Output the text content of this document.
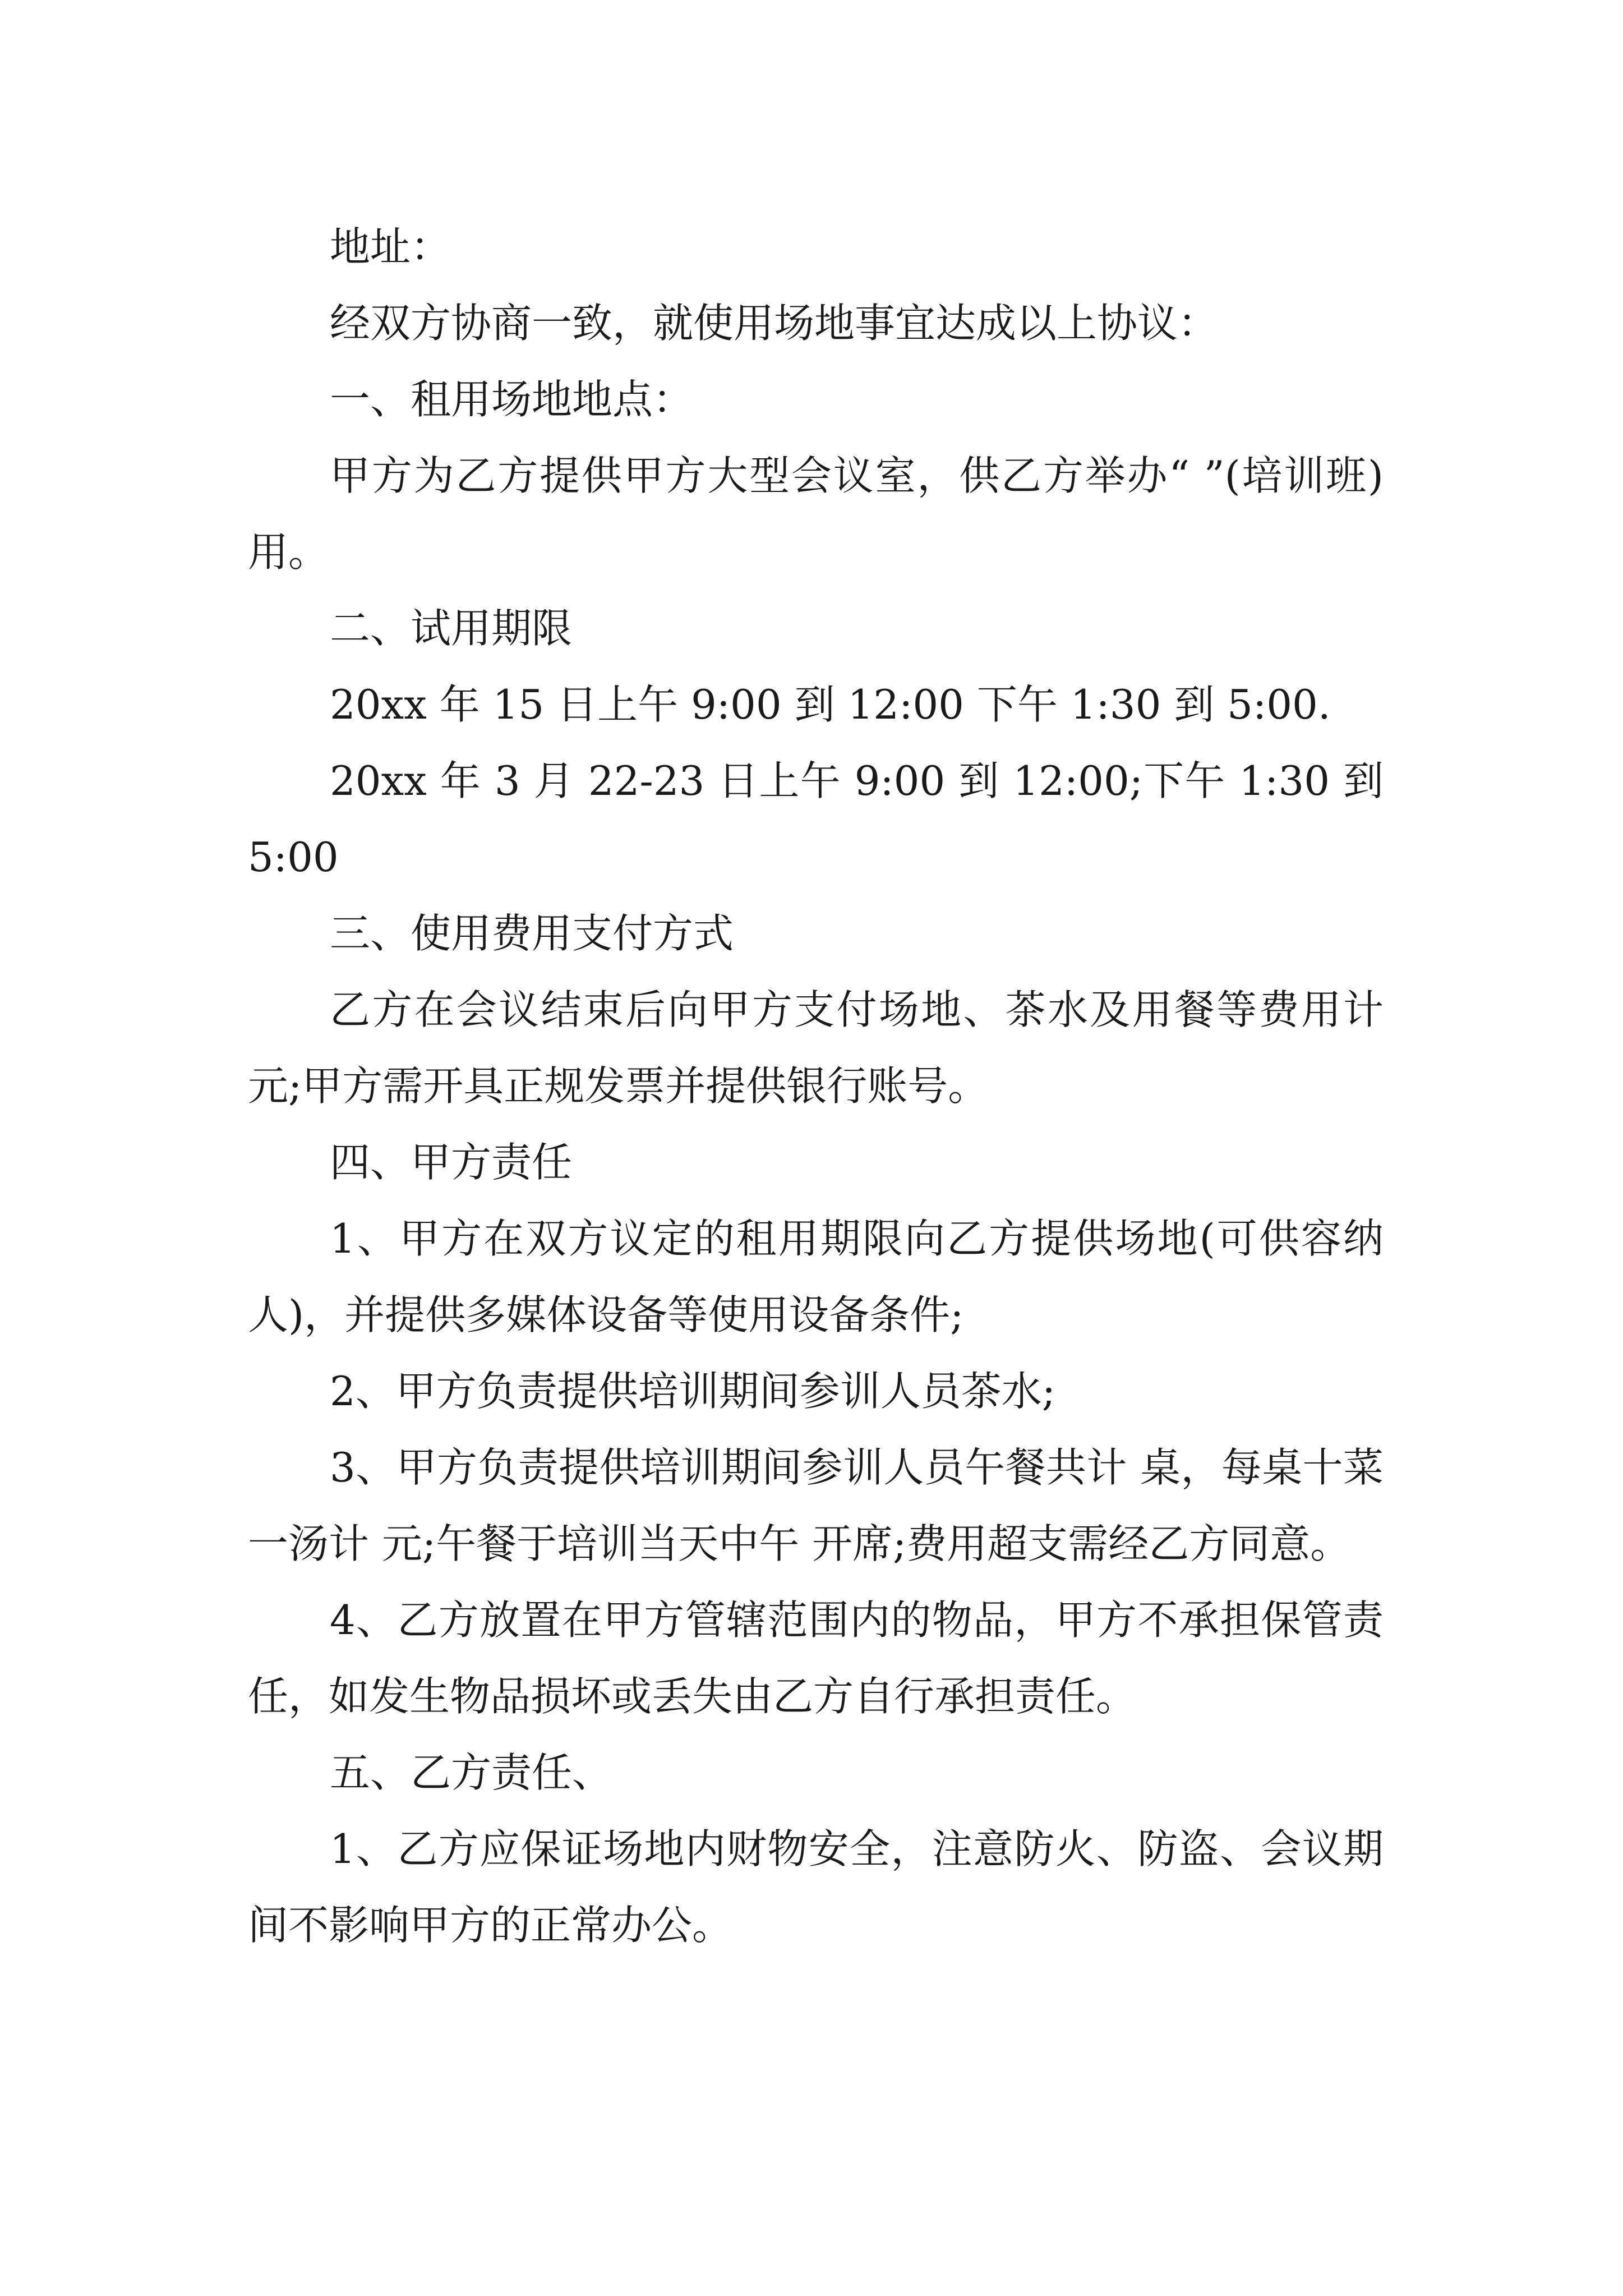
地址：

经双方协商一致，就使用场地事宜达成以上协议：

一、租用场地地点：

甲方为乙方提供甲方大型会议室，供乙方举办“ ”(培训班)用。

二、试用期限

20xx 年 15 日上午 9:00 到 12:00 下午 1:30 到 5:00.

20xx 年 3 月 22-23 日上午 9:00 到 12:00;下午 1:30 到 5:00

三、使用费用支付方式

乙方在会议结束后向甲方支付场地、茶水及用餐等费用计元;甲方需开具正规发票并提供银行账号。

四、甲方责任

1、甲方在双方议定的租用期限向乙方提供场地(可供容纳人)，并提供多媒体设备等使用设备条件;

2、甲方负责提供培训期间参训人员茶水;

3、甲方负责提供培训期间参训人员午餐共计 桌，每桌十菜一汤计 元;午餐于培训当天中午 开席;费用超支需经乙方同意。

4、乙方放置在甲方管辖范围内的物品，甲方不承担保管责任，如发生物品损坏或丢失由乙方自行承担责任。

五、乙方责任、

1、乙方应保证场地内财物安全，注意防火、防盗、会议期间不影响甲方的正常办公。
